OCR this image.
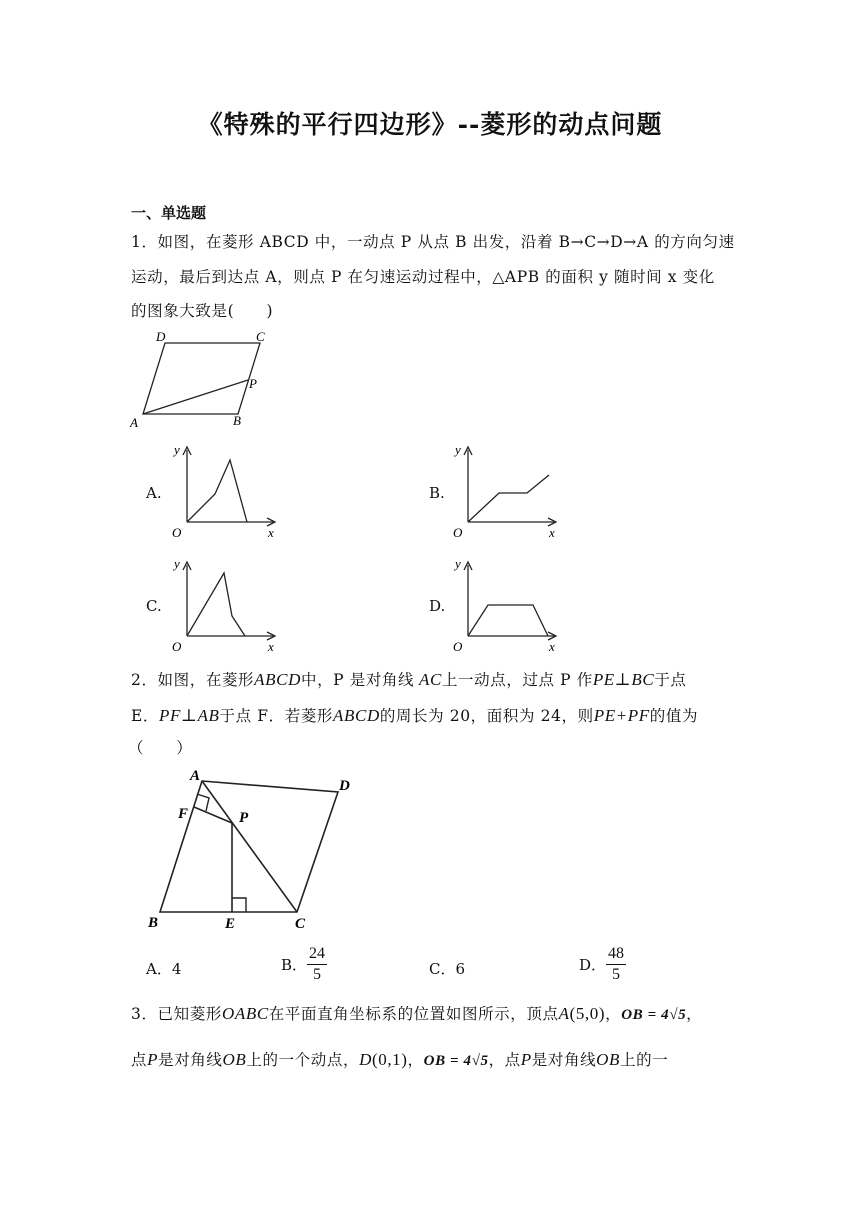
《特殊的平行四边形》--菱形的动点问题
一、单选题
1．如图，在菱形 ABCD 中，一动点 P 从点 B 出发，沿着 B→C→D→A 的方向匀速
运动，最后到达点 A，则点 P 在匀速运动过程中，△APB 的面积 y 随时间 x 变化
的图象大致是(　　)
D	C
P
A	B
A.
y
x
O
B.
y
x
O
C.
y
x
O
D.
y
x
O
2．如图，在菱形ABCD中，P 是对角线 AC上一动点，过点 P 作PE⊥BC于点
E．PF⊥AB于点 F．若菱形ABCD的周长为 20，面积为 24，则PE+PF的值为
（　　）
A
D
F	P
B	E	C
A．4	B． $\frac{24}{5}$	C．6	D． $\frac{48}{5}$
3．已知菱形OABC在平面直角坐标系的位置如图所示，顶点A(5,0)，OB = 4√5，
点P是对角线OB上的一个动点，D(0,1)，OB = 4√5，点P是对角线OB上的一
